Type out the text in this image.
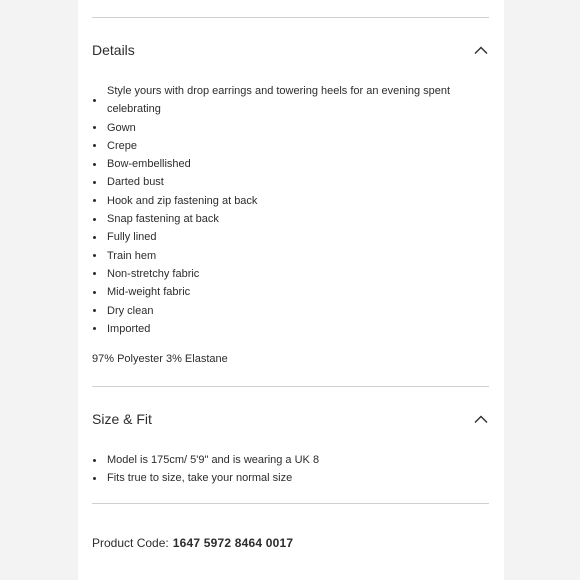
Details
Style yours with drop earrings and towering heels for an evening spent celebrating
Gown
Crepe
Bow-embellished
Darted bust
Hook and zip fastening at back
Snap fastening at back
Fully lined
Train hem
Non-stretchy fabric
Mid-weight fabric
Dry clean
Imported
97% Polyester 3% Elastane
Size & Fit
Model is 175cm/ 5'9" and is wearing a UK 8
Fits true to size, take your normal size
Product Code: 1647 5972 8464 0017
